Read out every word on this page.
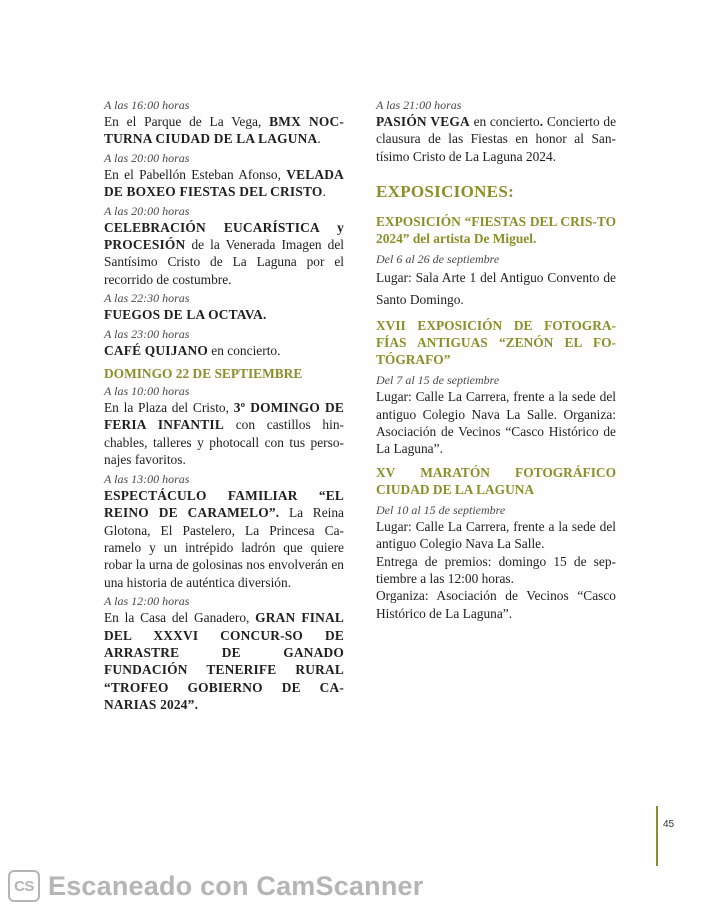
A las 16:00 horas

En el Parque de La Vega, BMX NOC-TURNA CIUDAD DE LA LAGUNA.

A las 20:00 horas

En el Pabellón Esteban Afonso, VELADA DE BOXEO FIESTAS DEL CRISTO.

A las 20:00 horas

CELEBRACIÓN EUCARÍSTICA y PROCESIÓN de la Venerada Imagen del Santísimo Cristo de La Laguna por el recorrido de costumbre.

A las 22:30 horas

FUEGOS DE LA OCTAVA.

A las 23:00 horas

CAFÉ QUIJANO en concierto.

DOMINGO 22 DE SEPTIEMBRE
A las 10:00 horas

En la Plaza del Cristo, 3º DOMINGO DE FERIA INFANTIL con castillos hin-chables, talleres y photocall con tus perso-najes favoritos.

A las 13:00 horas

ESPECTÁCULO FAMILIAR “EL REINO DE CARAMELO”. La Reina Glotona, El Pastelero, La Princesa Ca-ramelo y un intrépido ladrón que quiere robar la urna de golosinas nos envolverán en una historia de auténtica diversión.

A las 12:00 horas

En la Casa del Ganadero, GRAN FINAL DEL XXXVI CONCUR-SO DE ARRASTRE DE GANADO FUNDACIÓN TENERIFE RURAL “TROFEO GOBIERNO DE CA-NARIAS 2024”.

A las 21:00 horas

PASIÓN VEGA en concierto. Concierto de clausura de las Fiestas en honor al San-tísimo Cristo de La Laguna 2024.

EXPOSICIONES:
EXPOSICIÓN “FIESTAS DEL CRIS-TO 2024” del artista De Miguel.
Del 6 al 26 de septiembre

Lugar: Sala Arte 1 del Antiguo Convento de Santo Domingo.

XVII EXPOSICIÓN DE FOTOGRA-FÍAS ANTIGUAS “ZENÓN EL FO-TÓGRAFO”
Del 7 al 15 de septiembre

Lugar: Calle La Carrera, frente a la sede del antiguo Colegio Nava La Salle. Organiza: Asociación de Vecinos “Casco Histórico de La Laguna”.

XV MARATÓN FOTOGRÁFICO CIUDAD DE LA LAGUNA
Del 10 al 15 de septiembre

Lugar: Calle La Carrera, frente a la sede del antiguo Colegio Nava La Salle.

Entrega de premios: domingo 15 de sep-tiembre a las 12:00 horas.

Organiza: Asociación de Vecinos “Casco Histórico de La Laguna”.

45
CS Escaneado con CamScanner
